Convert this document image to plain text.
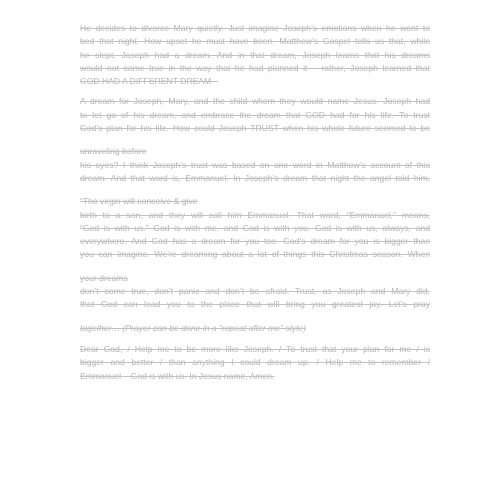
He decides to divorce Mary quietly. Just imagine Joseph’s emotions when he went to
bed that night. How upset he must have been. Matthew’s Gospel tells us that, while
he slept, Joseph had a dream. And in that dream, Joseph learns that his dreams
would not come true in the way that he had planned it – rather, Joseph learned that
GOD HAD A DIFFERENT DREAM –
A dream for Joseph, Mary, and the child whom they would name Jesus. Joseph had
to let go of his dream, and embrace the dream that GOD had for his life. To trust
God’s plan for his life. How could Joseph TRUST when his whole future seemed to be
unraveling before
his eyes? I think Joseph’s trust was based on one word in Matthew’s account of this
dream. And that word is, Emmanuel. In Joseph’s dream that night the angel told him,
“The virgin will conceive & give
birth to a son, and they will call him Emmanuel. That word, “Emmanuel,” means,
“God is with us.” God is with me, and God is with you. God is with us, always, and
everywhere. And God has a dream for you too. God’s dream for you is bigger than
you can imagine. We’re dreaming about a lot of things this Christmas season. When
your dreams
don’t come true, don’t panic and don’t be afraid. Trust, as Joseph and Mary did,
that God can lead you to the place that will bring you greatest joy. Let’s pray
together… (Prayer can be done in a “repeat after me” style)
Dear God, / Help me to be more like Joseph. / To trust that your plan for me / is
bigger and better / than anything I could dream up. / Help me to remember /
Emmanuel – God is with us. In Jesus name, Amen.
